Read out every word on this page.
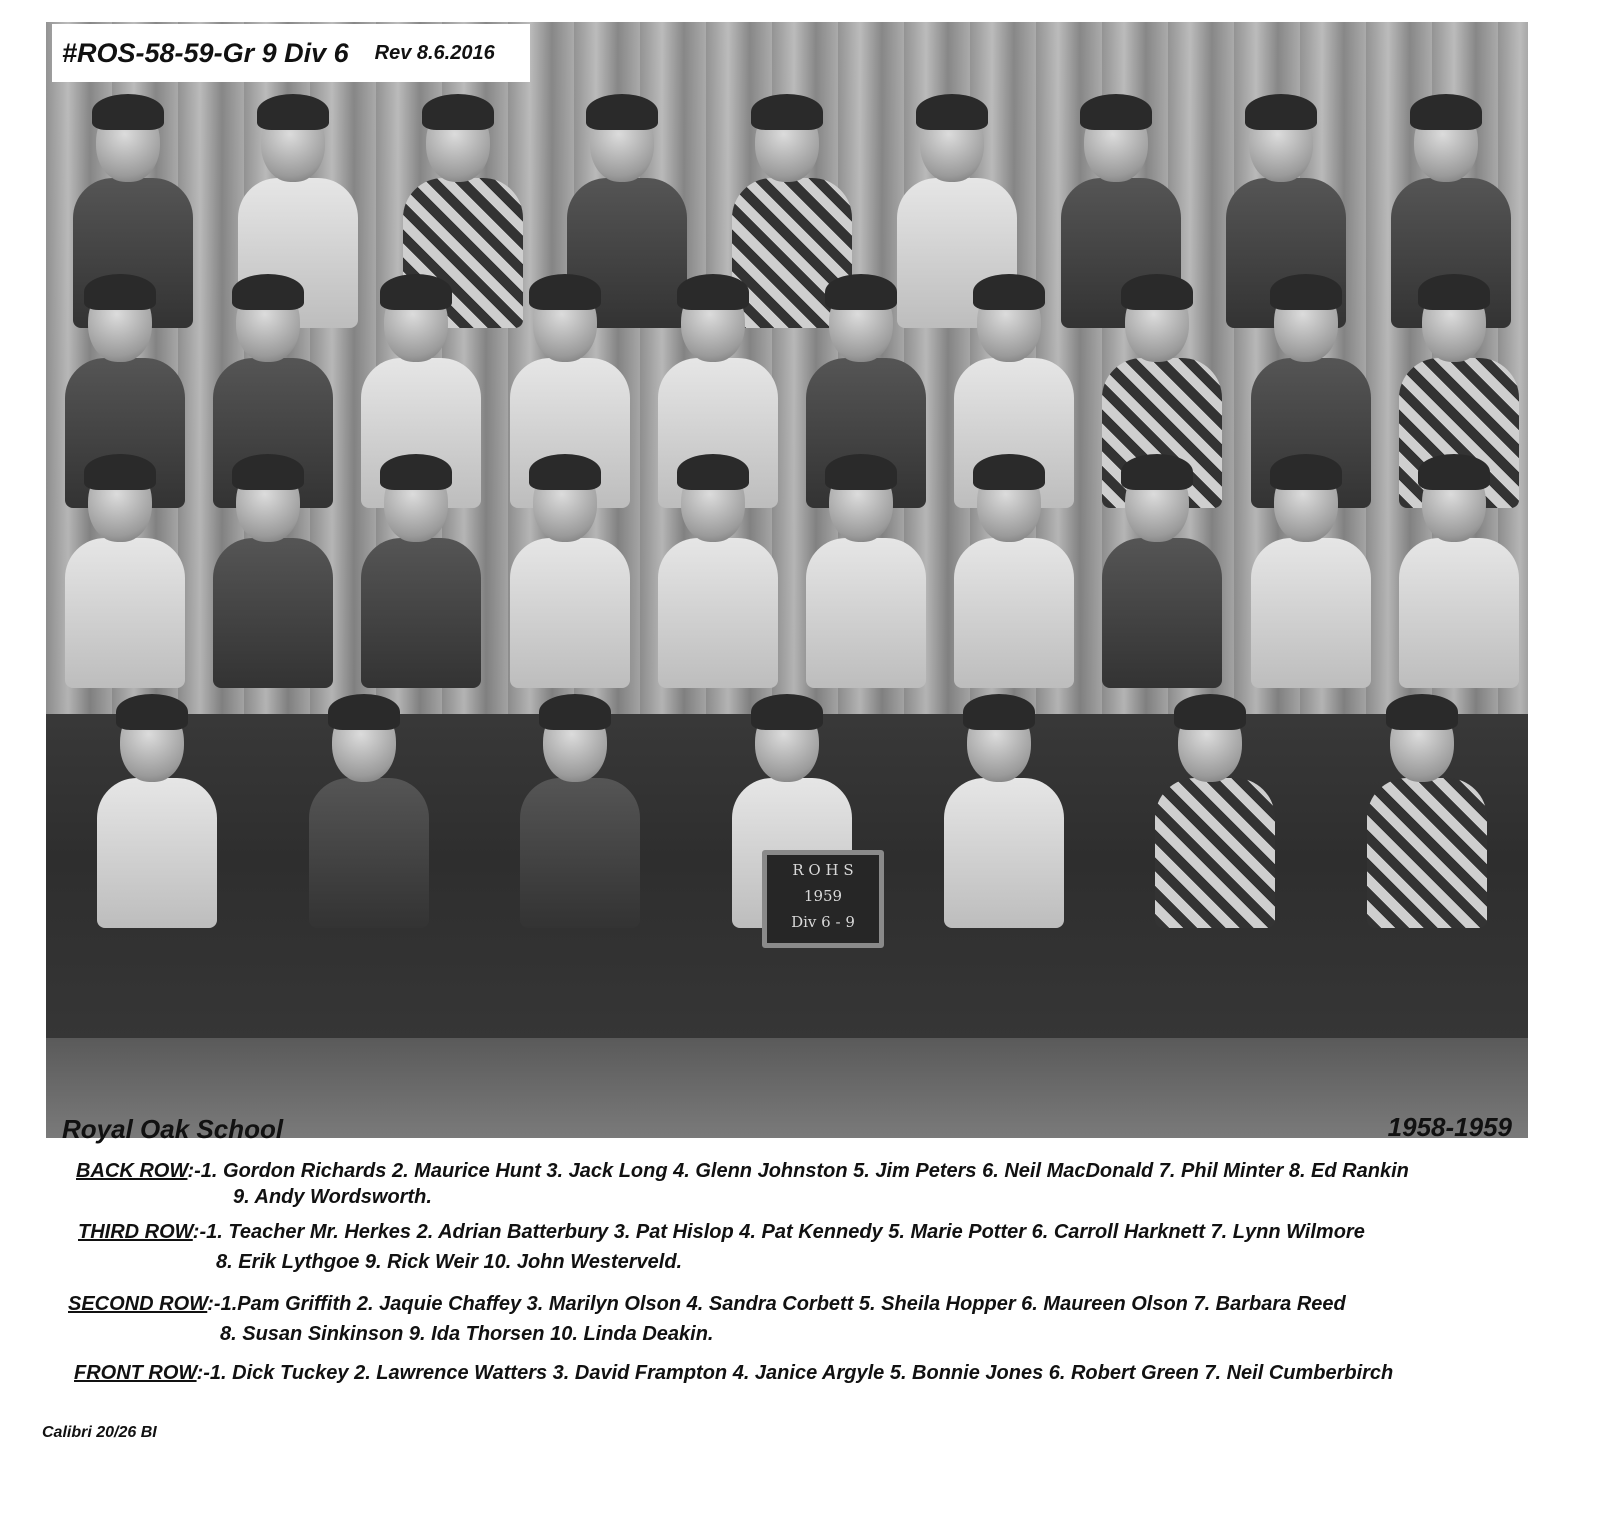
R O H S
1959
Div 6 - 9
#ROS-58-59-Gr 9 Div 6 Rev 8.6.2016
Royal Oak School	1958-1959
BACK ROW:-1. Gordon Richards 2. Maurice Hunt 3. Jack Long 4. Glenn Johnston 5. Jim Peters 6. Neil MacDonald 7. Phil Minter 8. Ed Rankin
9. Andy Wordsworth.
THIRD ROW:-1. Teacher Mr. Herkes 2. Adrian Batterbury 3. Pat Hislop 4. Pat Kennedy 5. Marie Potter 6. Carroll Harknett 7. Lynn Wilmore
8. Erik Lythgoe 9. Rick Weir 10. John Westerveld.
SECOND ROW:-1.Pam Griffith 2. Jaquie Chaffey 3. Marilyn Olson 4. Sandra Corbett 5. Sheila Hopper 6. Maureen Olson 7. Barbara Reed
8. Susan Sinkinson 9. Ida Thorsen 10. Linda Deakin.
FRONT ROW:-1. Dick Tuckey 2. Lawrence Watters 3. David Frampton 4. Janice Argyle 5. Bonnie Jones 6. Robert Green 7. Neil Cumberbirch
Calibri 20/26 BI
